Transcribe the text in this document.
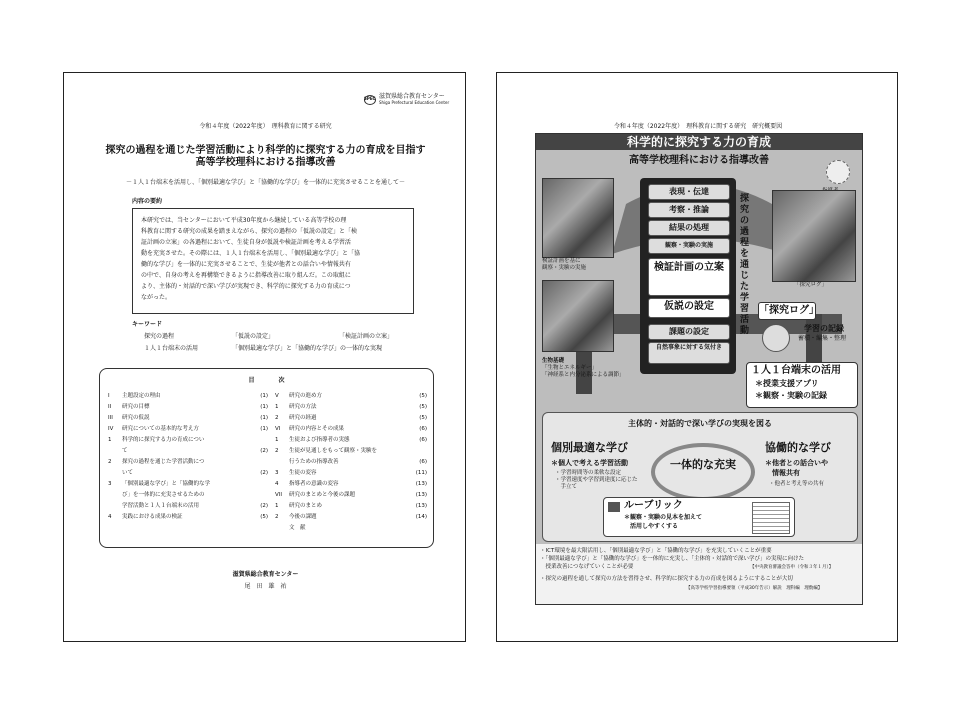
SPEC 滋賀県総合教育センター
Shiga Prefectural Education Center
令和４年度（2022年度）　理科教育に関する研究
探究の過程を通じた学習活動により科学的に探究する力の育成を目指す
高等学校理科における指導改善
－１人１台端末を活用し、「個別最適な学び」と「協働的な学び」を一体的に充実させることを通して－
内容の要約
本研究では、当センターにおいて平成30年度から継続している高等学校の理
科教育に関する研究の成果を踏まえながら、探究の過程の「仮説の設定」と「検
証計画の立案」の各過程において、生徒自身が仮説や検証計画を考える学習活
動を充実させた。その際には、１人１台端末を活用し、「個別最適な学び」と「協
働的な学び」を一体的に充実させることで、生徒が他者との話合いや情報共有
の中で、自身の考えを再構築できるように指導改善に取り組んだ。この取組に
より、主体的・対話的で深い学びが実現でき、科学的に探究する力の育成につ
ながった。
キーワード
探究の過程	「仮説の設定」	「検証計画の立案」
１人１台端末の活用	「個別最適な学び」と「協働的な学び」の一体的な実現
目　　　　次
I 主題設定の理由	(1)
II 研究の目標	(1)
III 研究の仮説	(1)
IV 研究についての基本的な考え方	(1)
1 科学的に探究する力の育成につい
て	(2)
2 探究の過程を通じた学習活動につ
いて	(2)
3 「個別最適な学び」と「協働的な学
び」を一体的に充実させるための
学習活動と１人１台端末の活用	(2)
4 実践における成果の検証	(5)
V 研究の進め方	(5)
1 研究の方法	(5)
2 研究の経過	(5)
VI 研究の内容とその成果	(6)
1 生徒および指導者の実態	(6)
2 生徒が見通しをもって観察・実験を
行うための指導改善	(6)
3 生徒の変容	(11)
4 指導者の意識の変容	(13)
VII 研究のまとめと今後の課題	(13)
1 研究のまとめ	(13)
2 今後の課題	(14)
文　献
滋賀県総合教育センター
尾　田　雄　祐
令和４年度（2022年度）　理科教育に関する研究　研究概要図
科学的に探究する力の育成
高等学校理科における指導改善
検証計画を基に
観察・実験の実施
「探究ログ」
表現・伝達
考察・推論
結果の処理
観察・実験の実施
検証計画の立案
仮説の設定
課題の設定
自然事象に対する気付き
探究の過程を通じた学習活動
「探究ログ」
学習の記録
蓄積・編集・整理
生物基礎
「生物とエネルギー」
「神経系と内分泌系による調節」	１人１台端末の活用
＊授業支援アプリ
＊観察・実験の記録
主体的・対話的で深い学びの実現を図る
個別最適な学び
＊個人で考える学習活動
・学習時間等の柔軟な設定
・学習速度や学習到達度に応じた
　手立て
一体的な充実
協働的な学び
＊他者との話合いや
　情報共有
・他者と考え等の共有
ルーブリック
＊観察・実験の見本を加えて
　活用しやすくする
・ICT環境を最大限活用し、「個別最適な学び」と「協働的な学び」を充実していくことが重要
・「個別最適な学び」と「協働的な学び」を一体的に充実し、「主体的・対話的で深い学び」の実現に向けた
　授業改善につなげていくことが必要	【中央教育審議会答申（令和３年１月）】
・探究の過程を通して探究の方法を習得させ、科学的に探究する力の育成を図るようにすることが大切
【高等学校学習指導要領（平成30年告示）解説　理科編　理数編】
